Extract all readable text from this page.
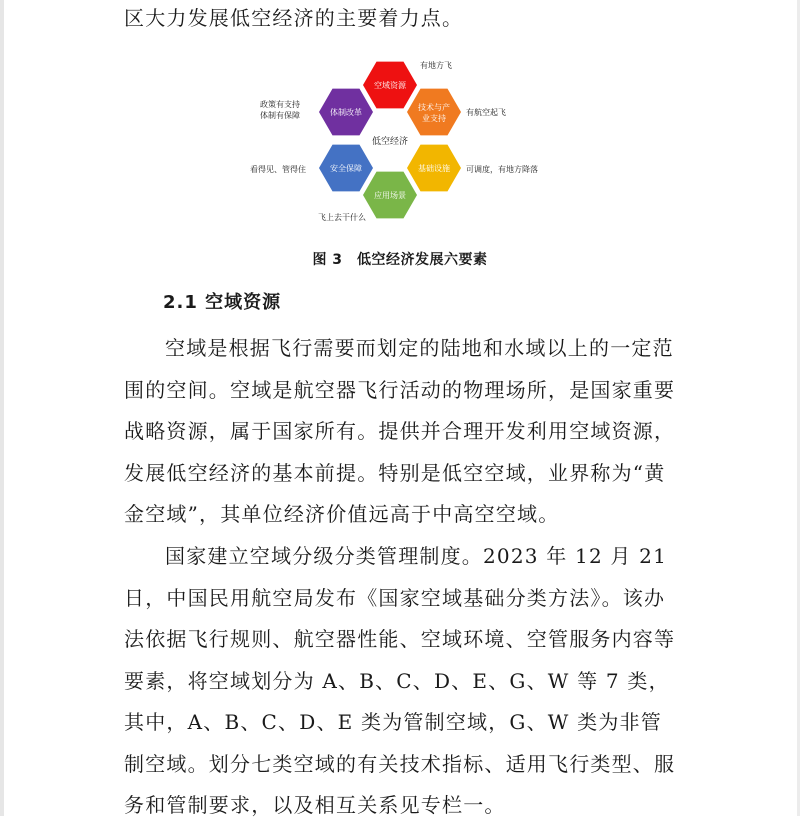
区大力发展低空经济的主要着力点。

空域资源
技术与产
业支持
基础设施
应用场景
安全保障
体制改革
低空经济
有地方飞
有航空起飞
可调度，有地方降落
飞上去干什么
看得见、管得住
政策有支持
体制有保障
图 3　低空经济发展六要素
2.1 空域资源

空域是根据飞行需要而划定的陆地和水域以上的一定范围的空间。空域是航空器飞行活动的物理场所，是国家重要战略资源，属于国家所有。提供并合理开发利用空域资源，发展低空经济的基本前提。特别是低空空域，业界称为“黄金空域”，其单位经济价值远高于中高空空域。

国家建立空域分级分类管理制度。2023 年 12 月 21 日，中国民用航空局发布《国家空域基础分类方法》。该办法依据飞行规则、航空器性能、空域环境、空管服务内容等要素，将空域划分为 A、B、C、D、E、G、W 等 7 类，其中，A、B、C、D、E 类为管制空域，G、W 类为非管制空域。划分七类空域的有关技术指标、适用飞行类型、服务和管制要求，以及相互关系见专栏一。
